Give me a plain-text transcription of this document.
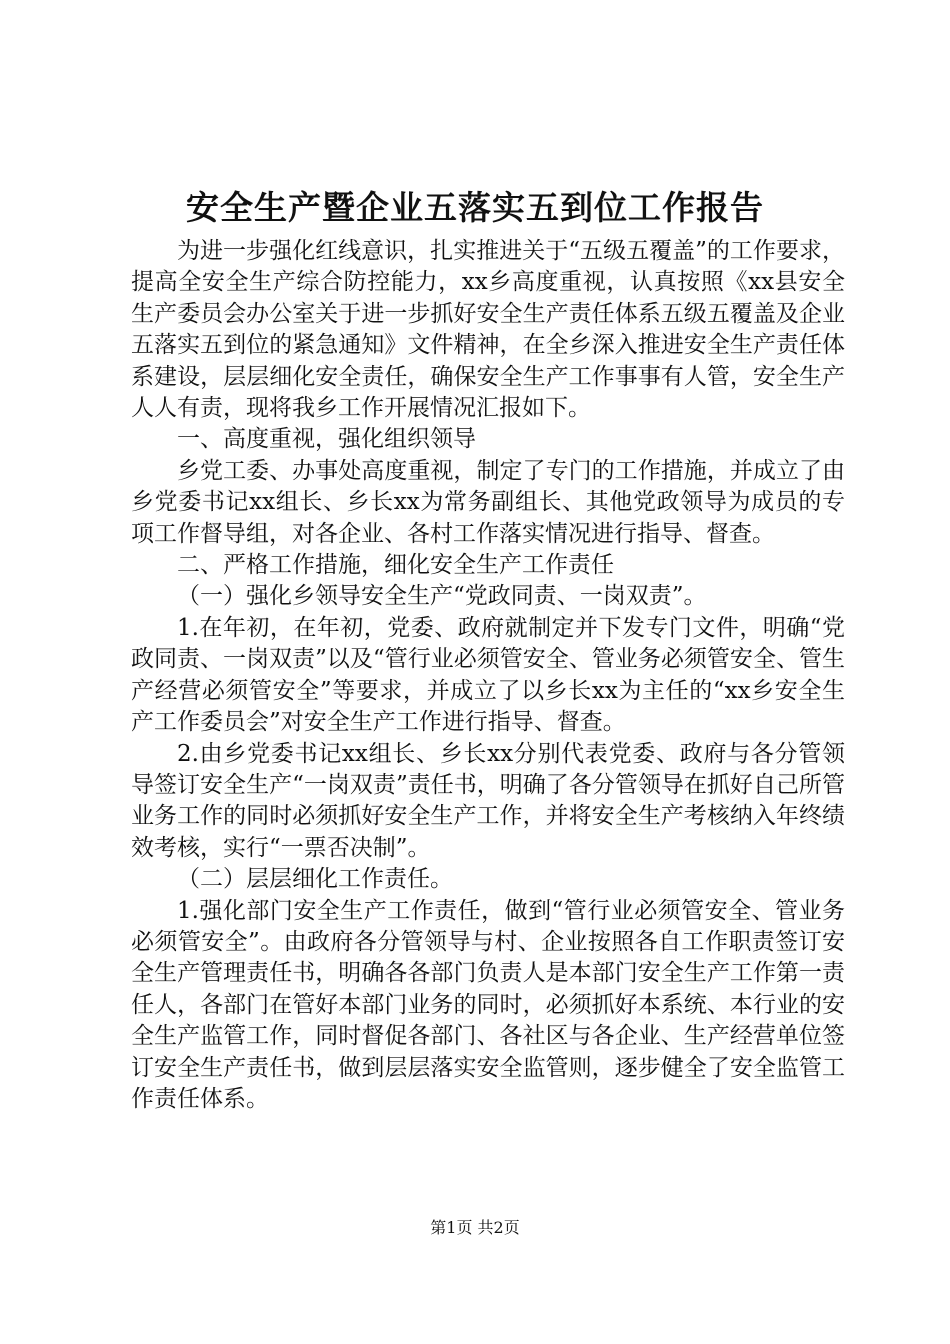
安全生产暨企业五落实五到位工作报告

为进一步强化红线意识，扎实推进关于“五级五覆盖”的工作要求，提高全安全生产综合防控能力，xx乡高度重视，认真按照《xx县安全生产委员会办公室关于进一步抓好安全生产责任体系五级五覆盖及企业五落实五到位的紧急通知》文件精神，在全乡深入推进安全生产责任体系建设，层层细化安全责任，确保安全生产工作事事有人管，安全生产人人有责，现将我乡工作开展情况汇报如下。

一、高度重视，强化组织领导

乡党工委、办事处高度重视，制定了专门的工作措施，并成立了由乡党委书记xx组长、乡长xx为常务副组长、其他党政领导为成员的专项工作督导组，对各企业、各村工作落实情况进行指导、督查。

二、严格工作措施，细化安全生产工作责任

（一）强化乡领导安全生产“党政同责、一岗双责”。

1.在年初，在年初，党委、政府就制定并下发专门文件，明确“党政同责、一岗双责”以及“管行业必须管安全、管业务必须管安全、管生产经营必须管安全”等要求，并成立了以乡长xx为主任的“xx乡安全生产工作委员会”对安全生产工作进行指导、督查。

2.由乡党委书记xx组长、乡长xx分别代表党委、政府与各分管领导签订安全生产“一岗双责”责任书，明确了各分管领导在抓好自己所管业务工作的同时必须抓好安全生产工作，并将安全生产考核纳入年终绩效考核，实行“一票否决制”。

（二）层层细化工作责任。

1.强化部门安全生产工作责任，做到“管行业必须管安全、管业务必须管安全”。由政府各分管领导与村、企业按照各自工作职责签订安全生产管理责任书，明确各各部门负责人是本部门安全生产工作第一责任人，各部门在管好本部门业务的同时，必须抓好本系统、本行业的安全生产监管工作，同时督促各部门、各社区与各企业、生产经营单位签订安全生产责任书，做到层层落实安全监管则，逐步健全了安全监管工作责任体系。

第1页 共2页
